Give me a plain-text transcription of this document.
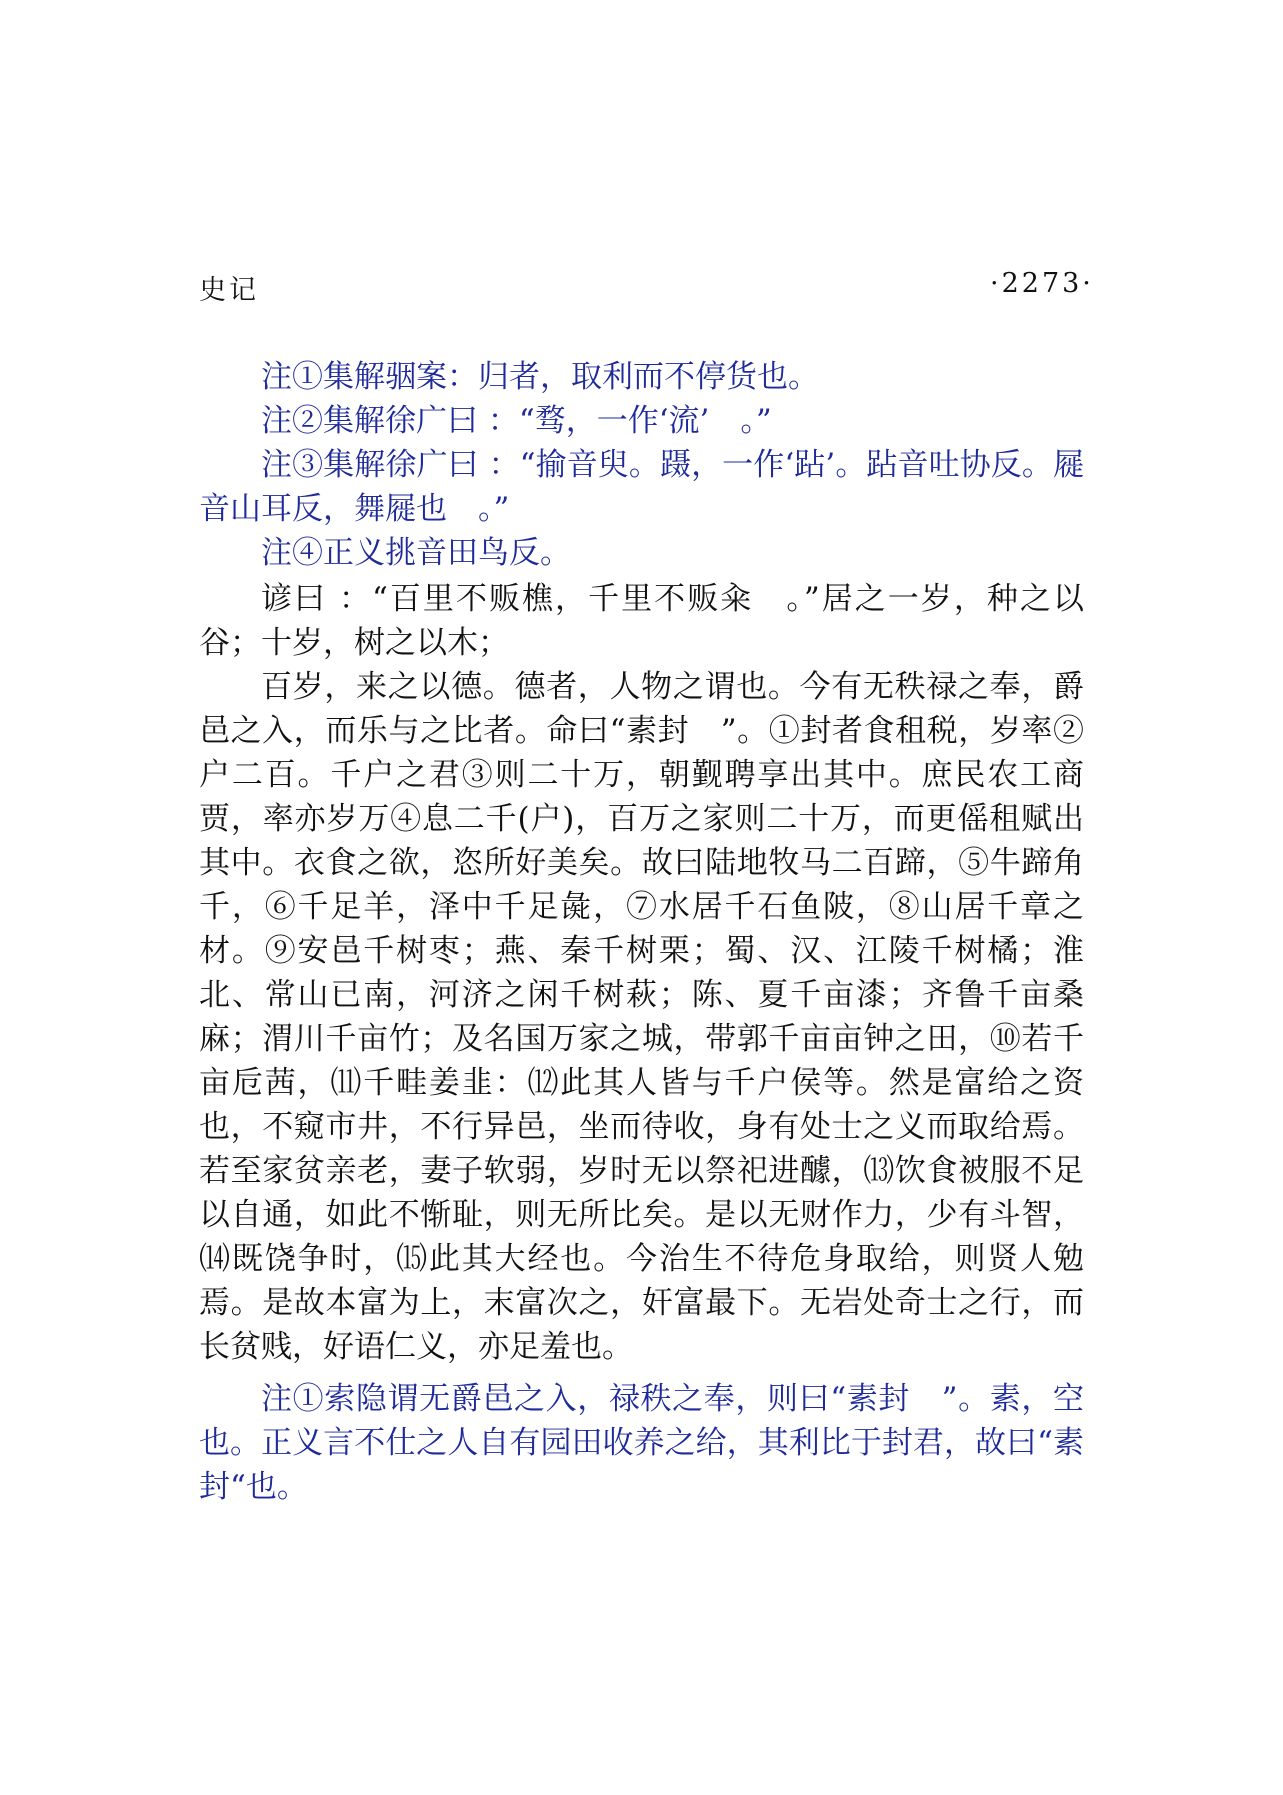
史记	·2273·

注①集解骃案：归者，取利而不停货也。

注②集解徐广曰 ：“骛，一作‘流’　。”

注③集解徐广曰 ：“揄音臾。蹑，一作‘跕’。跕音吐协反。屣音山耳反，舞屣也　。”

注④正义挑音田鸟反。

谚曰 ：“百里不贩樵，千里不贩籴　。”居之一岁，种之以谷；十岁，树之以木；

百岁，来之以德。德者，人物之谓也。今有无秩禄之奉，爵邑之入，而乐与之比者。命曰“素封　”。①封者食租税，岁率②户二百。千户之君③则二十万，朝觐聘享出其中。庶民农工商贾，率亦岁万④息二千(户)，百万之家则二十万，而更傜租赋出其中。衣食之欲，恣所好美矣。故曰陆地牧马二百蹄，⑤牛蹄角千，⑥千足羊，泽中千足彘，⑦水居千石鱼陂，⑧山居千章之材。⑨安邑千树枣；燕、秦千树栗；蜀、汉、江陵千树橘；淮北、常山已南，河济之闲千树萩；陈、夏千亩漆；齐鲁千亩桑麻；渭川千亩竹；及名国万家之城，带郭千亩亩钟之田，⑩若千亩卮茜，⑾千畦姜韭：⑿此其人皆与千户侯等。然是富给之资也，不窥市井，不行异邑，坐而待收，身有处士之义而取给焉。若至家贫亲老，妻子软弱，岁时无以祭祀进醵，⒀饮食被服不足以自通，如此不惭耻，则无所比矣。是以无财作力，少有斗智，⒁既饶争时，⒂此其大经也。今治生不待危身取给，则贤人勉焉。是故本富为上，末富次之，奸富最下。无岩处奇士之行，而长贫贱，好语仁义，亦足羞也。

注①索隐谓无爵邑之入，禄秩之奉，则曰“素封　”。素，空也。正义言不仕之人自有园田收养之给，其利比于封君，故曰“素封“也。
